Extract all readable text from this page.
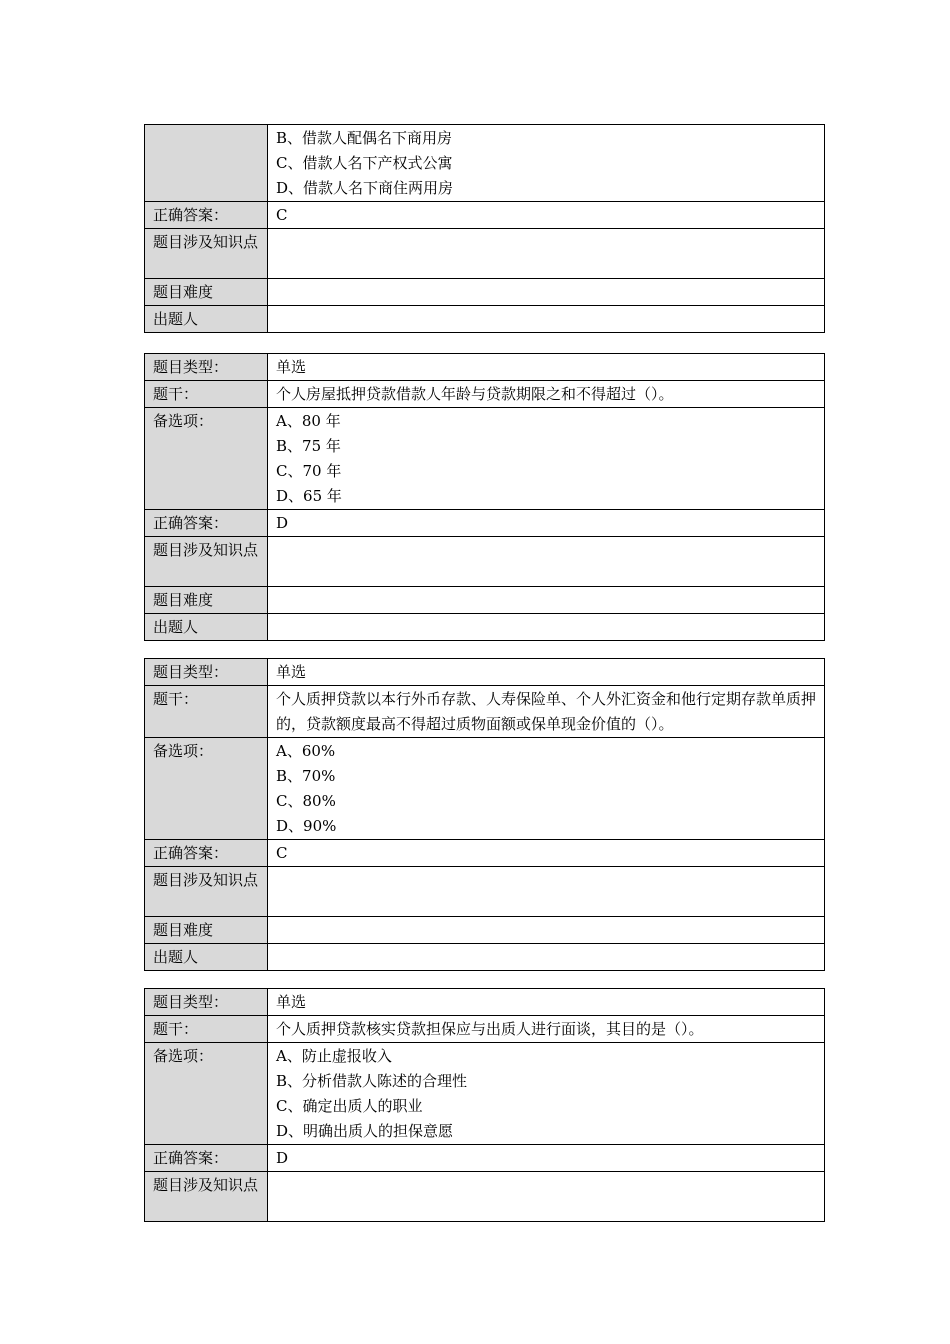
	B、借款人配偶名下商用房
C、借款人名下产权式公寓
D、借款人名下商住两用房

正确答案：	C
题目涉及知识点	
题目难度	
出题人	
题目类型：	单选
题干：	个人房屋抵押贷款借款人年龄与贷款期限之和不得超过（）。
备选项：	A、80 年
B、75 年
C、70 年
D、65 年

正确答案：	D
题目涉及知识点	
题目难度	
出题人	
题目类型：	单选
题干：	个人质押贷款以本行外币存款、人寿保险单、个人外汇资金和他行定期存款单质押的，贷款额度最高不得超过质物面额或保单现金价值的（）。
备选项：	A、60%
B、70%
C、80%
D、90%

正确答案：	C
题目涉及知识点	
题目难度	
出题人	
题目类型：	单选
题干：	个人质押贷款核实贷款担保应与出质人进行面谈，其目的是（）。
备选项：	A、防止虚报收入
B、分析借款人陈述的合理性
C、确定出质人的职业
D、明确出质人的担保意愿

正确答案：	D
题目涉及知识点	
